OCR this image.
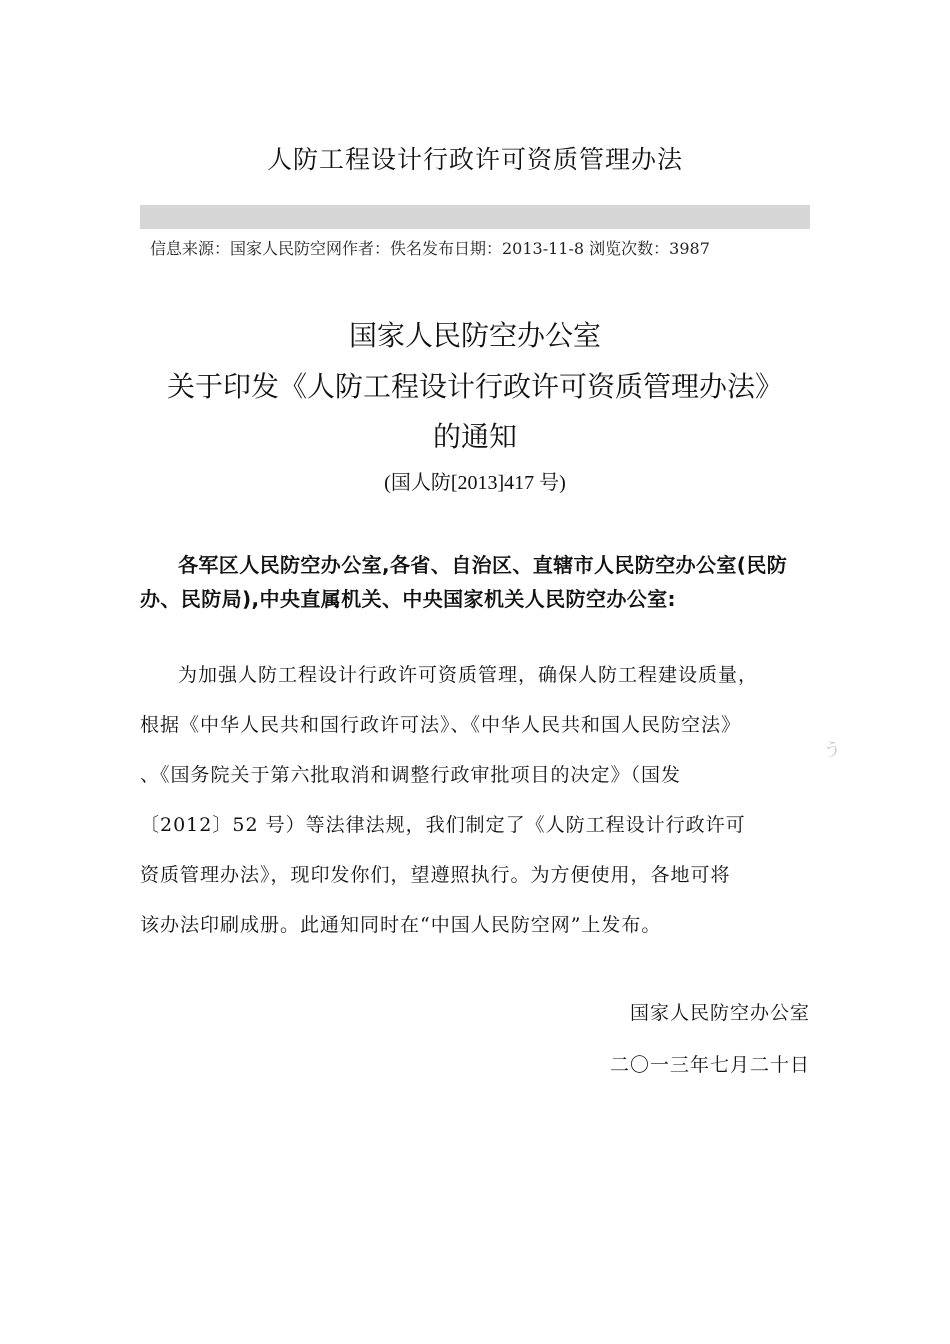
人防工程设计行政许可资质管理办法
信息来源：国家人民防空网作者：佚名发布日期：2013-11-8 浏览次数：3987
国家人民防空办公室
关于印发《人防工程设计行政许可资质管理办法》
的通知
(国人防[2013]417 号)
各军区人民防空办公室,各省、自治区、直辖市人民防空办公室(民防办、民防局),中央直属机关、中央国家机关人民防空办公室:

为加强人防工程设计行政许可资质管理，确保人防工程建设质量，
根据《中华人民共和国行政许可法》、《中华人民共和国人民防空法》
、《国务院关于第六批取消和调整行政审批项目的决定》（国发
〔2012〕52 号）等法律法规，我们制定了《人防工程设计行政许可
资质管理办法》，现印发你们，望遵照执行。为方便使用，各地可将
该办法印刷成册。此通知同时在“中国人民防空网”上发布。

う
国家人民防空办公室
二〇一三年七月二十日
